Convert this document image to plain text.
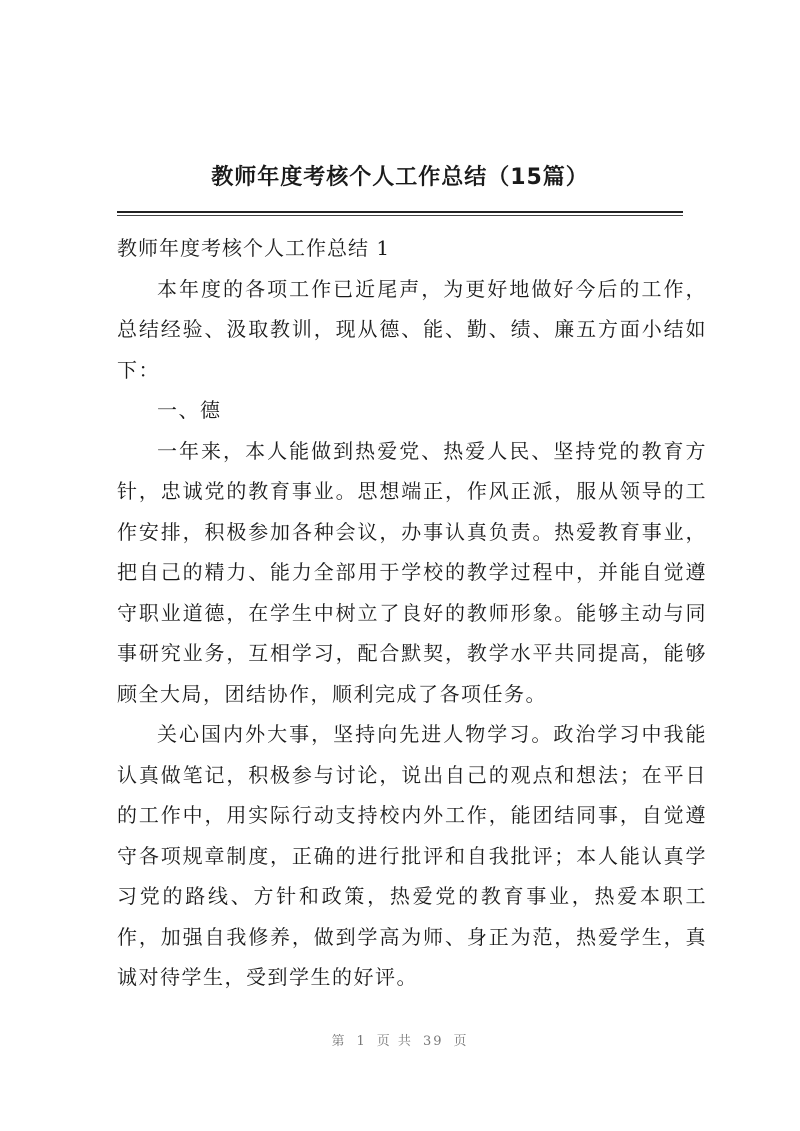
教师年度考核个人工作总结（15篇）

教师年度考核个人工作总结 1

本年度的各项工作已近尾声，为更好地做好今后的工作，总结经验、汲取教训，现从德、能、勤、绩、廉五方面小结如下：

一、德

一年来，本人能做到热爱党、热爱人民、坚持党的教育方针，忠诚党的教育事业。思想端正，作风正派，服从领导的工作安排，积极参加各种会议，办事认真负责。热爱教育事业，把自己的精力、能力全部用于学校的教学过程中，并能自觉遵守职业道德，在学生中树立了良好的教师形象。能够主动与同事研究业务，互相学习，配合默契，教学水平共同提高，能够顾全大局，团结协作，顺利完成了各项任务。

关心国内外大事，坚持向先进人物学习。政治学习中我能认真做笔记，积极参与讨论，说出自己的观点和想法；在平日的工作中，用实际行动支持校内外工作，能团结同事，自觉遵守各项规章制度，正确的进行批评和自我批评；本人能认真学习党的路线、方针和政策，热爱党的教育事业，热爱本职工作，加强自我修养，做到学高为师、身正为范，热爱学生，真诚对待学生，受到学生的好评。

第 1 页 共 39 页
